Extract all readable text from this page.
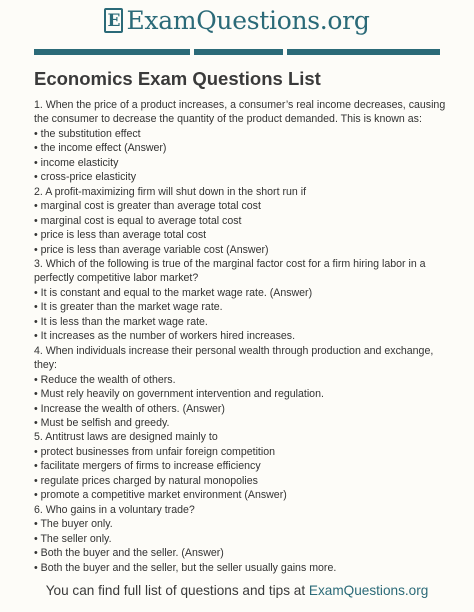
E ExamQuestions.org
Economics Exam Questions List
1. When the price of a product increases, a consumer’s real income decreases, causing
the consumer to decrease the quantity of the product demanded. This is known as:
• the substitution effect
• the income effect (Answer)
• income elasticity
• cross-price elasticity
2. A profit-maximizing firm will shut down in the short run if
• marginal cost is greater than average total cost
• marginal cost is equal to average total cost
• price is less than average total cost
• price is less than average variable cost (Answer)
3. Which of the following is true of the marginal factor cost for a firm hiring labor in a
perfectly competitive labor market?
• It is constant and equal to the market wage rate. (Answer)
• It is greater than the market wage rate.
• It is less than the market wage rate.
• It increases as the number of workers hired increases.
4. When individuals increase their personal wealth through production and exchange,
they:
• Reduce the wealth of others.
• Must rely heavily on government intervention and regulation.
• Increase the wealth of others. (Answer)
• Must be selfish and greedy.
5. Antitrust laws are designed mainly to
• protect businesses from unfair foreign competition
• facilitate mergers of firms to increase efficiency
• regulate prices charged by natural monopolies
• promote a competitive market environment (Answer)
6. Who gains in a voluntary trade?
• The buyer only.
• The seller only.
• Both the buyer and the seller. (Answer)
• Both the buyer and the seller, but the seller usually gains more.
You can find full list of questions and tips at ExamQuestions.org
